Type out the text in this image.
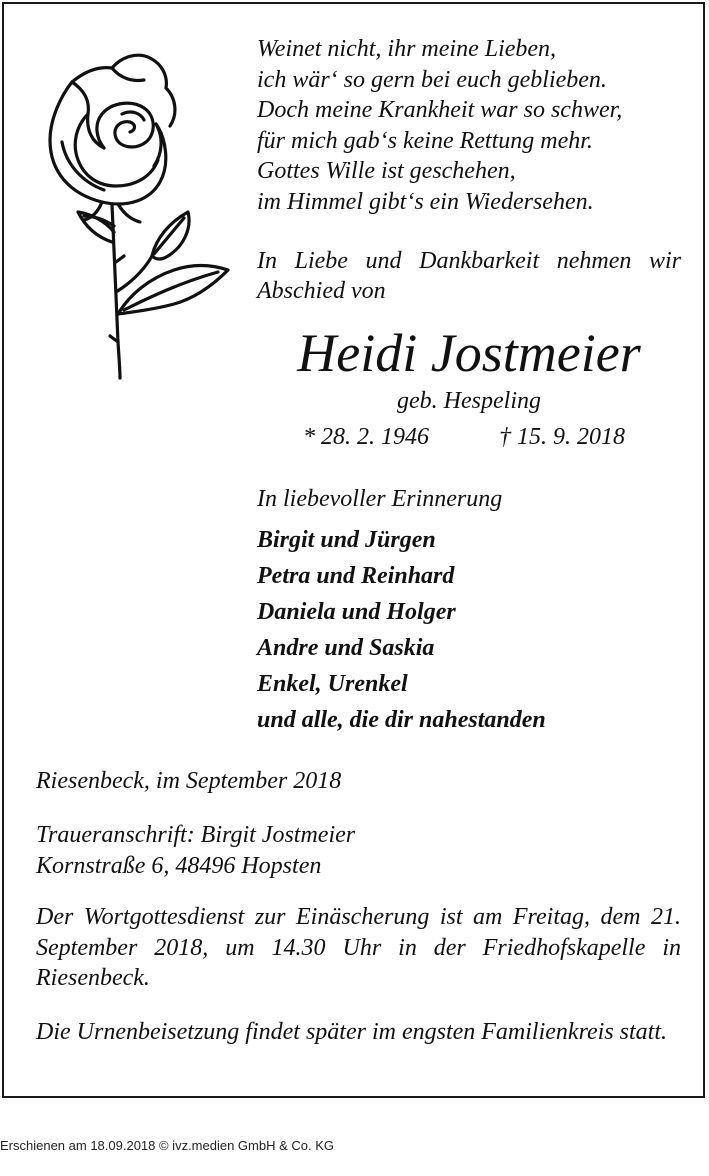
Weinet nicht, ihr meine Lieben,
ich wär‘ so gern bei euch geblieben.
Doch meine Krankheit war so schwer,
für mich gab‘s keine Rettung mehr.
Gottes Wille ist geschehen,
im Himmel gibt‘s ein Wiedersehen.
In Liebe und Dankbarkeit nehmen wir Abschied von
Heidi Jostmeier
geb. Hespeling
* 28. 2. 1946	† 15. 9. 2018
In liebevoller Erinnerung
Birgit und Jürgen
Petra und Reinhard
Daniela und Holger
Andre und Saskia
Enkel, Urenkel
und alle, die dir nahestanden
Riesenbeck, im September 2018
Traueranschrift: Birgit Jostmeier
Kornstraße 6, 48496 Hopsten
Der Wortgottesdienst zur Einäscherung ist am Freitag, dem 21. September 2018, um 14.30 Uhr in der Friedhofskapelle in Riesenbeck.
Die Urnenbeisetzung findet später im engsten Familienkreis statt.
Erschienen am 18.09.2018 © ivz.medien GmbH & Co. KG
